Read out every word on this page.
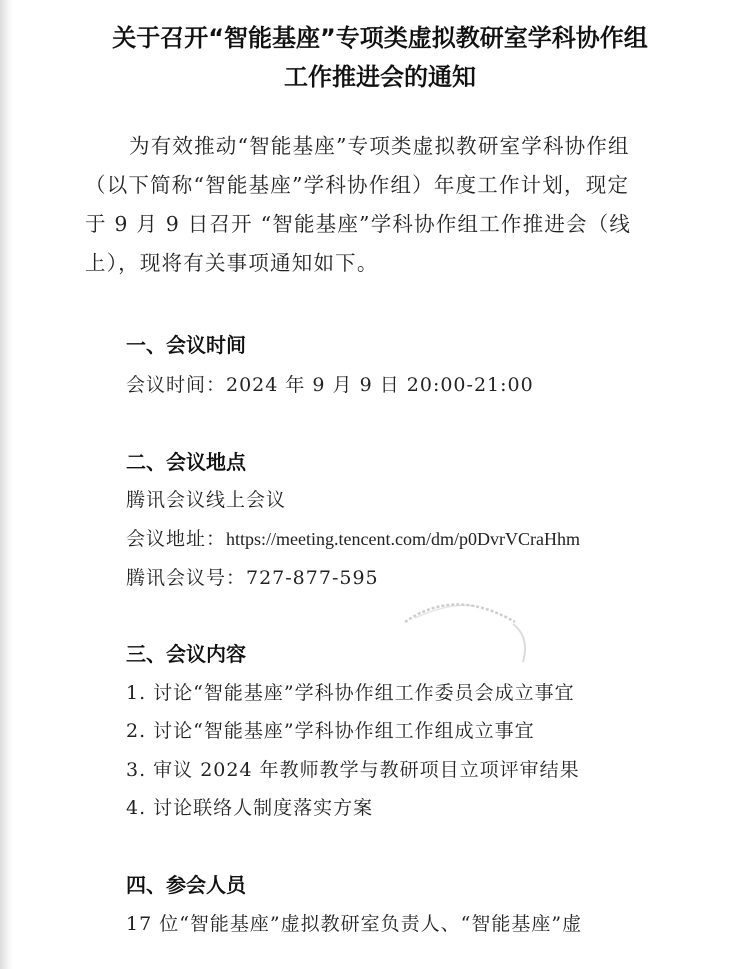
关于召开“智能基座”专项类虚拟教研室学科协作组
工作推进会的通知
为有效推动“智能基座”专项类虚拟教研室学科协作组
（以下简称“智能基座”学科协作组）年度工作计划，现定
于 9 月 9 日召开 “智能基座”学科协作组工作推进会（线
上），现将有关事项通知如下。
一、会议时间
会议时间：2024 年 9 月 9 日 20:00-21:00
二、会议地点
腾讯会议线上会议
会议地址：https://meeting.tencent.com/dm/p0DvrVCraHhm
腾讯会议号：727-877-595
三、会议内容
1. 讨论“智能基座”学科协作组工作委员会成立事宜
2. 讨论“智能基座”学科协作组工作组成立事宜
3. 审议 2024 年教师教学与教研项目立项评审结果
4. 讨论联络人制度落实方案
四、参会人员
17 位“智能基座”虚拟教研室负责人、“智能基座”虚
